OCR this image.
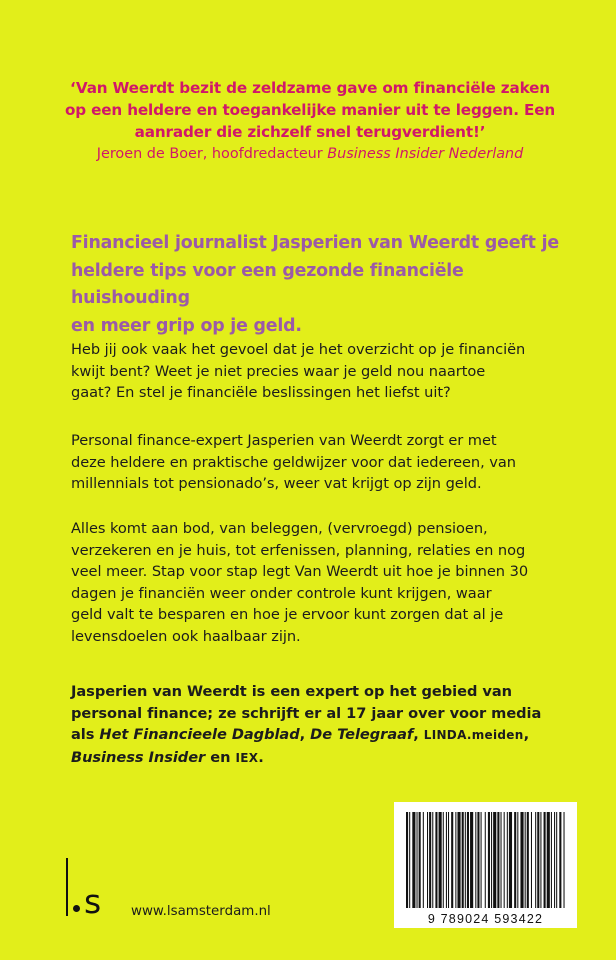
‘Van Weerdt bezit de zeldzame gave om financiële zaken
op een heldere en toegankelijke manier uit te leggen. Een
aanrader die zichzelf snel terugverdient!’
Jeroen de Boer, hoofdredacteur Business Insider Nederland
Financieel journalist Jasperien van Weerdt geeft je
heldere tips voor een gezonde financiële huishouding
en meer grip op je geld.
Heb jij ook vaak het gevoel dat je het overzicht op je financiën
kwijt bent? Weet je niet precies waar je geld nou naartoe
gaat? En stel je financiële beslissingen het liefst uit?
Personal finance-expert Jasperien van Weerdt zorgt er met
deze heldere en praktische geldwijzer voor dat iedereen, van
millennials tot pensionado’s, weer vat krijgt op zijn geld.
Alles komt aan bod, van beleggen, (vervroegd) pensioen,
verzekeren en je huis, tot erfenissen, planning, relaties en nog
veel meer. Stap voor stap legt Van Weerdt uit hoe je binnen 30
dagen je financiën weer onder controle kunt krijgen, waar
geld valt te besparen en hoe je ervoor kunt zorgen dat al je
levensdoelen ook haalbaar zijn.
Jasperien van Weerdt is een expert op het gebied van
personal finance; ze schrijft er al 17 jaar over voor media
als Het Financieele Dagblad, De Telegraaf, LINDA.meiden,
Business Insider en IEX.
9 789024 593422
s www.lsamsterdam.nl
